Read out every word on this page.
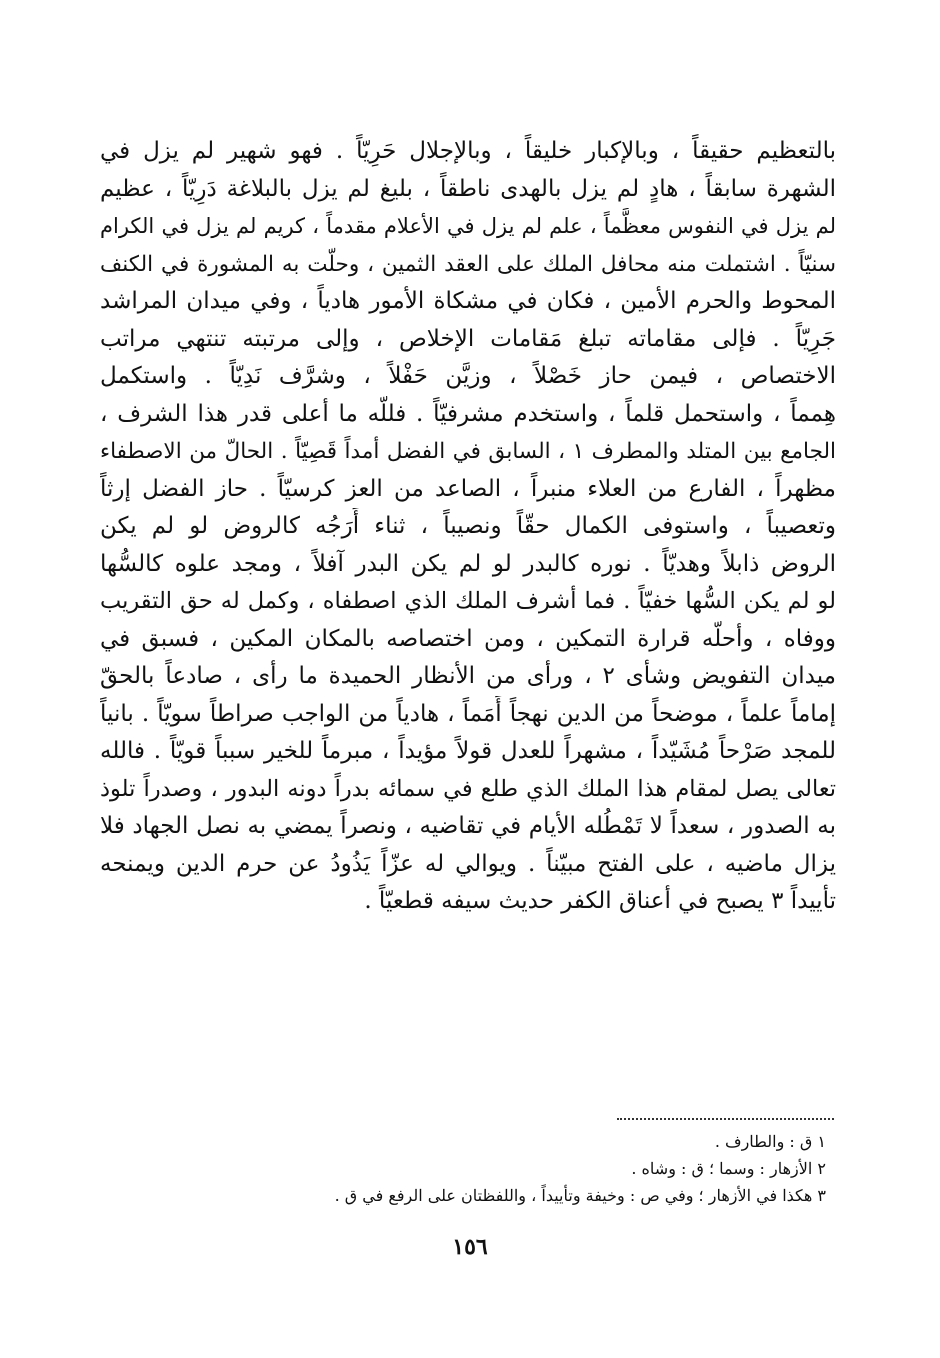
بالتعظيم حقيقاً ، وبالإكبار خليقاً ، وبالإجلال حَرِيّاً . فهو شهير لم يزل في
الشهرة سابقاً ، هادٍ لم يزل بالهدى ناطقاً ، بليغ لم يزل بالبلاغة دَرِيّاً ، عظيم
لم يزل في النفوس معظَّماً ، علم لم يزل في الأعلام مقدماً ، كريم لم يزل في الكرام
سنيّاً . اشتملت منه محافل الملك على العقد الثمين ، وحلّت به المشورة في الكنف
المحوط والحرم الأمين ، فكان في مشكاة الأمور هادياً ، وفي ميدان المراشد
جَرِيّاً . فإلى مقاماته تبلغ مَقامات الإخلاص ، وإلى مرتبته تنتهي مراتب
الاختصاص ، فيمن حاز خَصْلاً ، وزيَّن حَفْلاً ، وشرَّف نَدِيّاً . واستكمل
هِمماً ، واستحمل قلماً ، واستخدم مشرفيّاً . فللّه ما أعلى قدر هذا الشرف ،
الجامع بين المتلد والمطرف ١ ، السابق في الفضل أمداً قَصِيّاً . الحالّ من الاصطفاء
مظهراً ، الفارع من العلاء منبراً ، الصاعد من العز كرسيّاً . حاز الفضل إرثاً
وتعصيباً ، واستوفى الكمال حقّاً ونصيباً ، ثناء أَرَجُه كالروض لو لم يكن
الروض ذابلاً وهديّاً . نوره كالبدر لو لم يكن البدر آفلاً ، ومجد علوه كالسُّها
لو لم يكن السُّها خفيّاً . فما أشرف الملك الذي اصطفاه ، وكمل له حق التقريب
ووفاه ، وأحلّه قرارة التمكين ، ومن اختصاصه بالمكان المكين ، فسبق في
ميدان التفويض وشأى ٢ ، ورأى من الأنظار الحميدة ما رأى ، صادعاً بالحقّ
إماماً علماً ، موضحاً من الدين نهجاً أَمَماً ، هادياً من الواجب صراطاً سويّاً . بانياً
للمجد صَرْحاً مُشَيّداً ، مشهراً للعدل قولاً مؤيداً ، مبرماً للخير سبباً قويّاً . فالله
تعالى يصل لمقام هذا الملك الذي طلع في سمائه بدراً دونه البدور ، وصدراً تلوذ
به الصدور ، سعداً لا تَمْطُله الأيام في تقاضيه ، ونصراً يمضي به نصل الجهاد فلا
يزال ماضيه ، على الفتح مبيّناً . ويوالي له عزّاً يَذُودُ عن حرم الدين ويمنحه
تأييداً ٣ يصبح في أعناق الكفر حديث سيفه قطعيّاً .
١ ق : والطارف .
٢ الأزهار : وسما ؛ ق : وشاه .
٣ هكذا في الأزهار ؛ وفي ص : وخيفة وتأييداً ، واللفظتان على الرفع في ق .
١٥٦
